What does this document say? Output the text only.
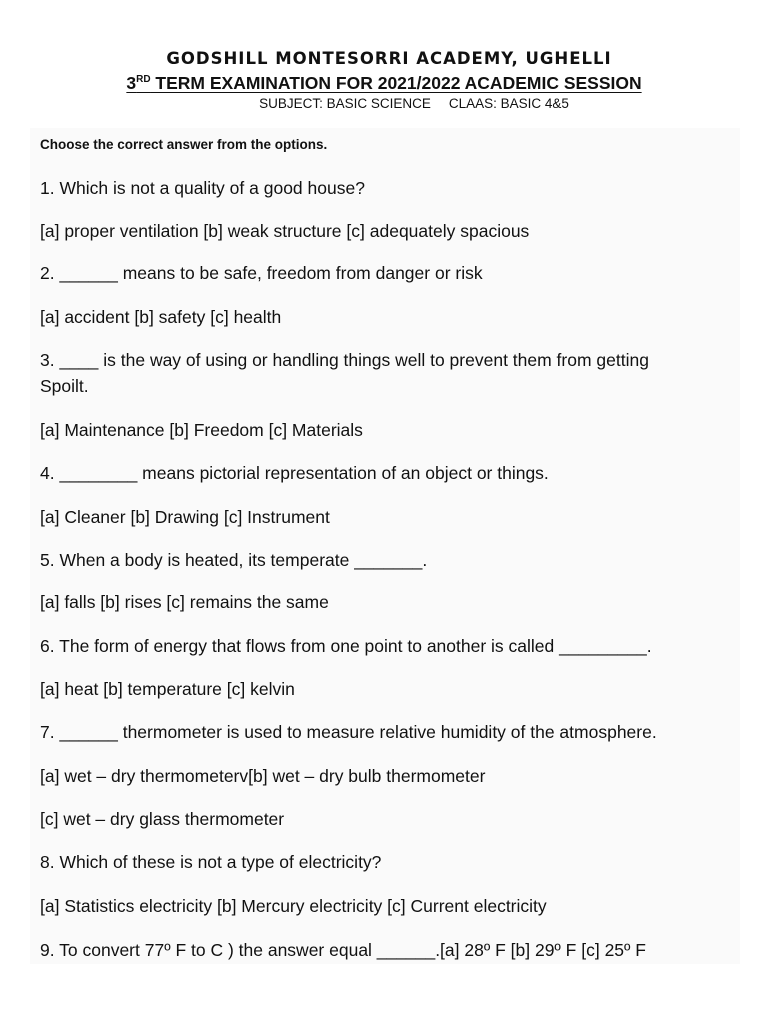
GODSHILL MONTESORRI ACADEMY, UGHELLI
3RD TERM EXAMINATION FOR 2021/2022 ACADEMIC SESSION
SUBJECT: BASIC SCIENCE CLAAS: BASIC 4&5
Choose the correct answer from the options.
1. Which is not a quality of a good house?
[a] proper ventilation [b] weak structure [c] adequately spacious
2. ______ means to be safe, freedom from danger or risk
[a] accident [b] safety [c] health
3. ____ is the way of using or handling things well to prevent them from getting
Spoilt.
[a] Maintenance [b] Freedom [c] Materials
4. ________ means pictorial representation of an object or things.
[a] Cleaner [b] Drawing [c] Instrument
5. When a body is heated, its temperate _______.
[a] falls [b] rises [c] remains the same
6. The form of energy that flows from one point to another is called _________.
[a] heat [b] temperature [c] kelvin
7. ______ thermometer is used to measure relative humidity of the atmosphere.
[a] wet – dry thermometerv[b] wet – dry bulb thermometer
[c] wet – dry glass thermometer
8. Which of these is not a type of electricity?
[a] Statistics electricity [b] Mercury electricity [c] Current electricity
9. To convert 77º F to C ) the answer equal ______.[a] 28º F [b] 29º F [c] 25º F
